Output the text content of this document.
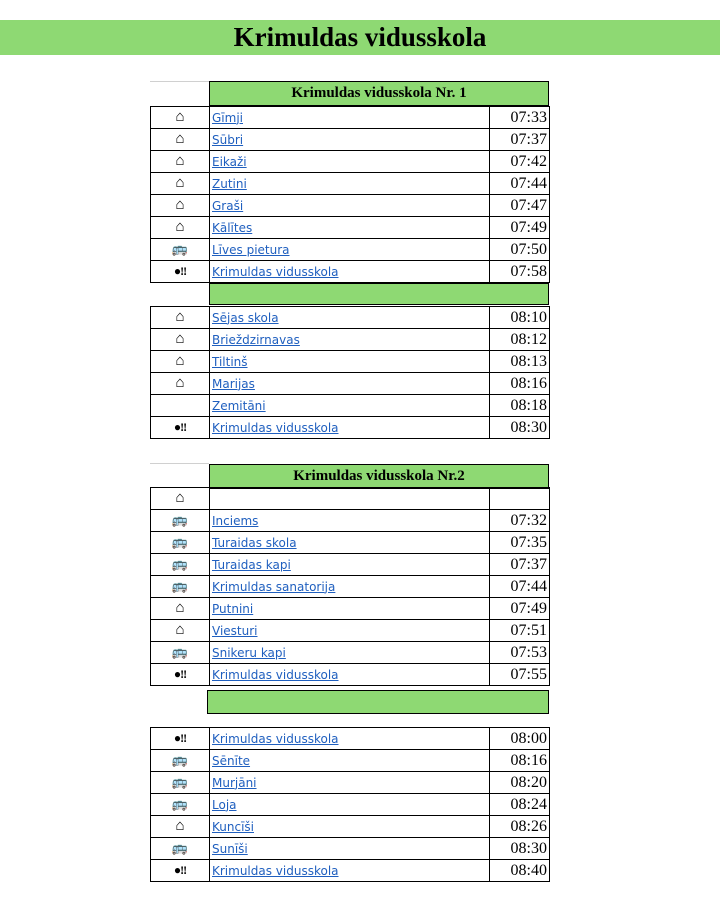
Krimuldas vidusskola
Krimuldas vidusskola Nr. 1
⌂	Gīmji	07:33
⌂	Sūbri	07:37
⌂	Eikaži	07:42
⌂	Zutini	07:44
⌂	Graši	07:47
⌂	Kālītes	07:49
🚌	Līves pietura	07:50
●!!	Krimuldas vidusskola	07:58
⌂	Sējas skola	08:10
⌂	Brieždzirnavas	08:12
⌂	Tiltinš	08:13
⌂	Marijas	08:16
	Zemitāni	08:18
●!!	Krimuldas vidusskola	08:30
Krimuldas vidusskola Nr.2
⌂		
🚌	Inciems	07:32
🚌	Turaidas skola	07:35
🚌	Turaidas kapi	07:37
🚌	Krimuldas sanatorija	07:44
⌂	Putnini	07:49
⌂	Viesturi	07:51
🚌	Snikeru kapi	07:53
●!!	Krimuldas vidusskola	07:55
●!!	Krimuldas vidusskola	08:00
🚌	Sēnīte	08:16
🚌	Murjāni	08:20
🚌	Loja	08:24
⌂	Kuncīši	08:26
🚌	Sunīši	08:30
●!!	Krimuldas vidusskola	08:40
